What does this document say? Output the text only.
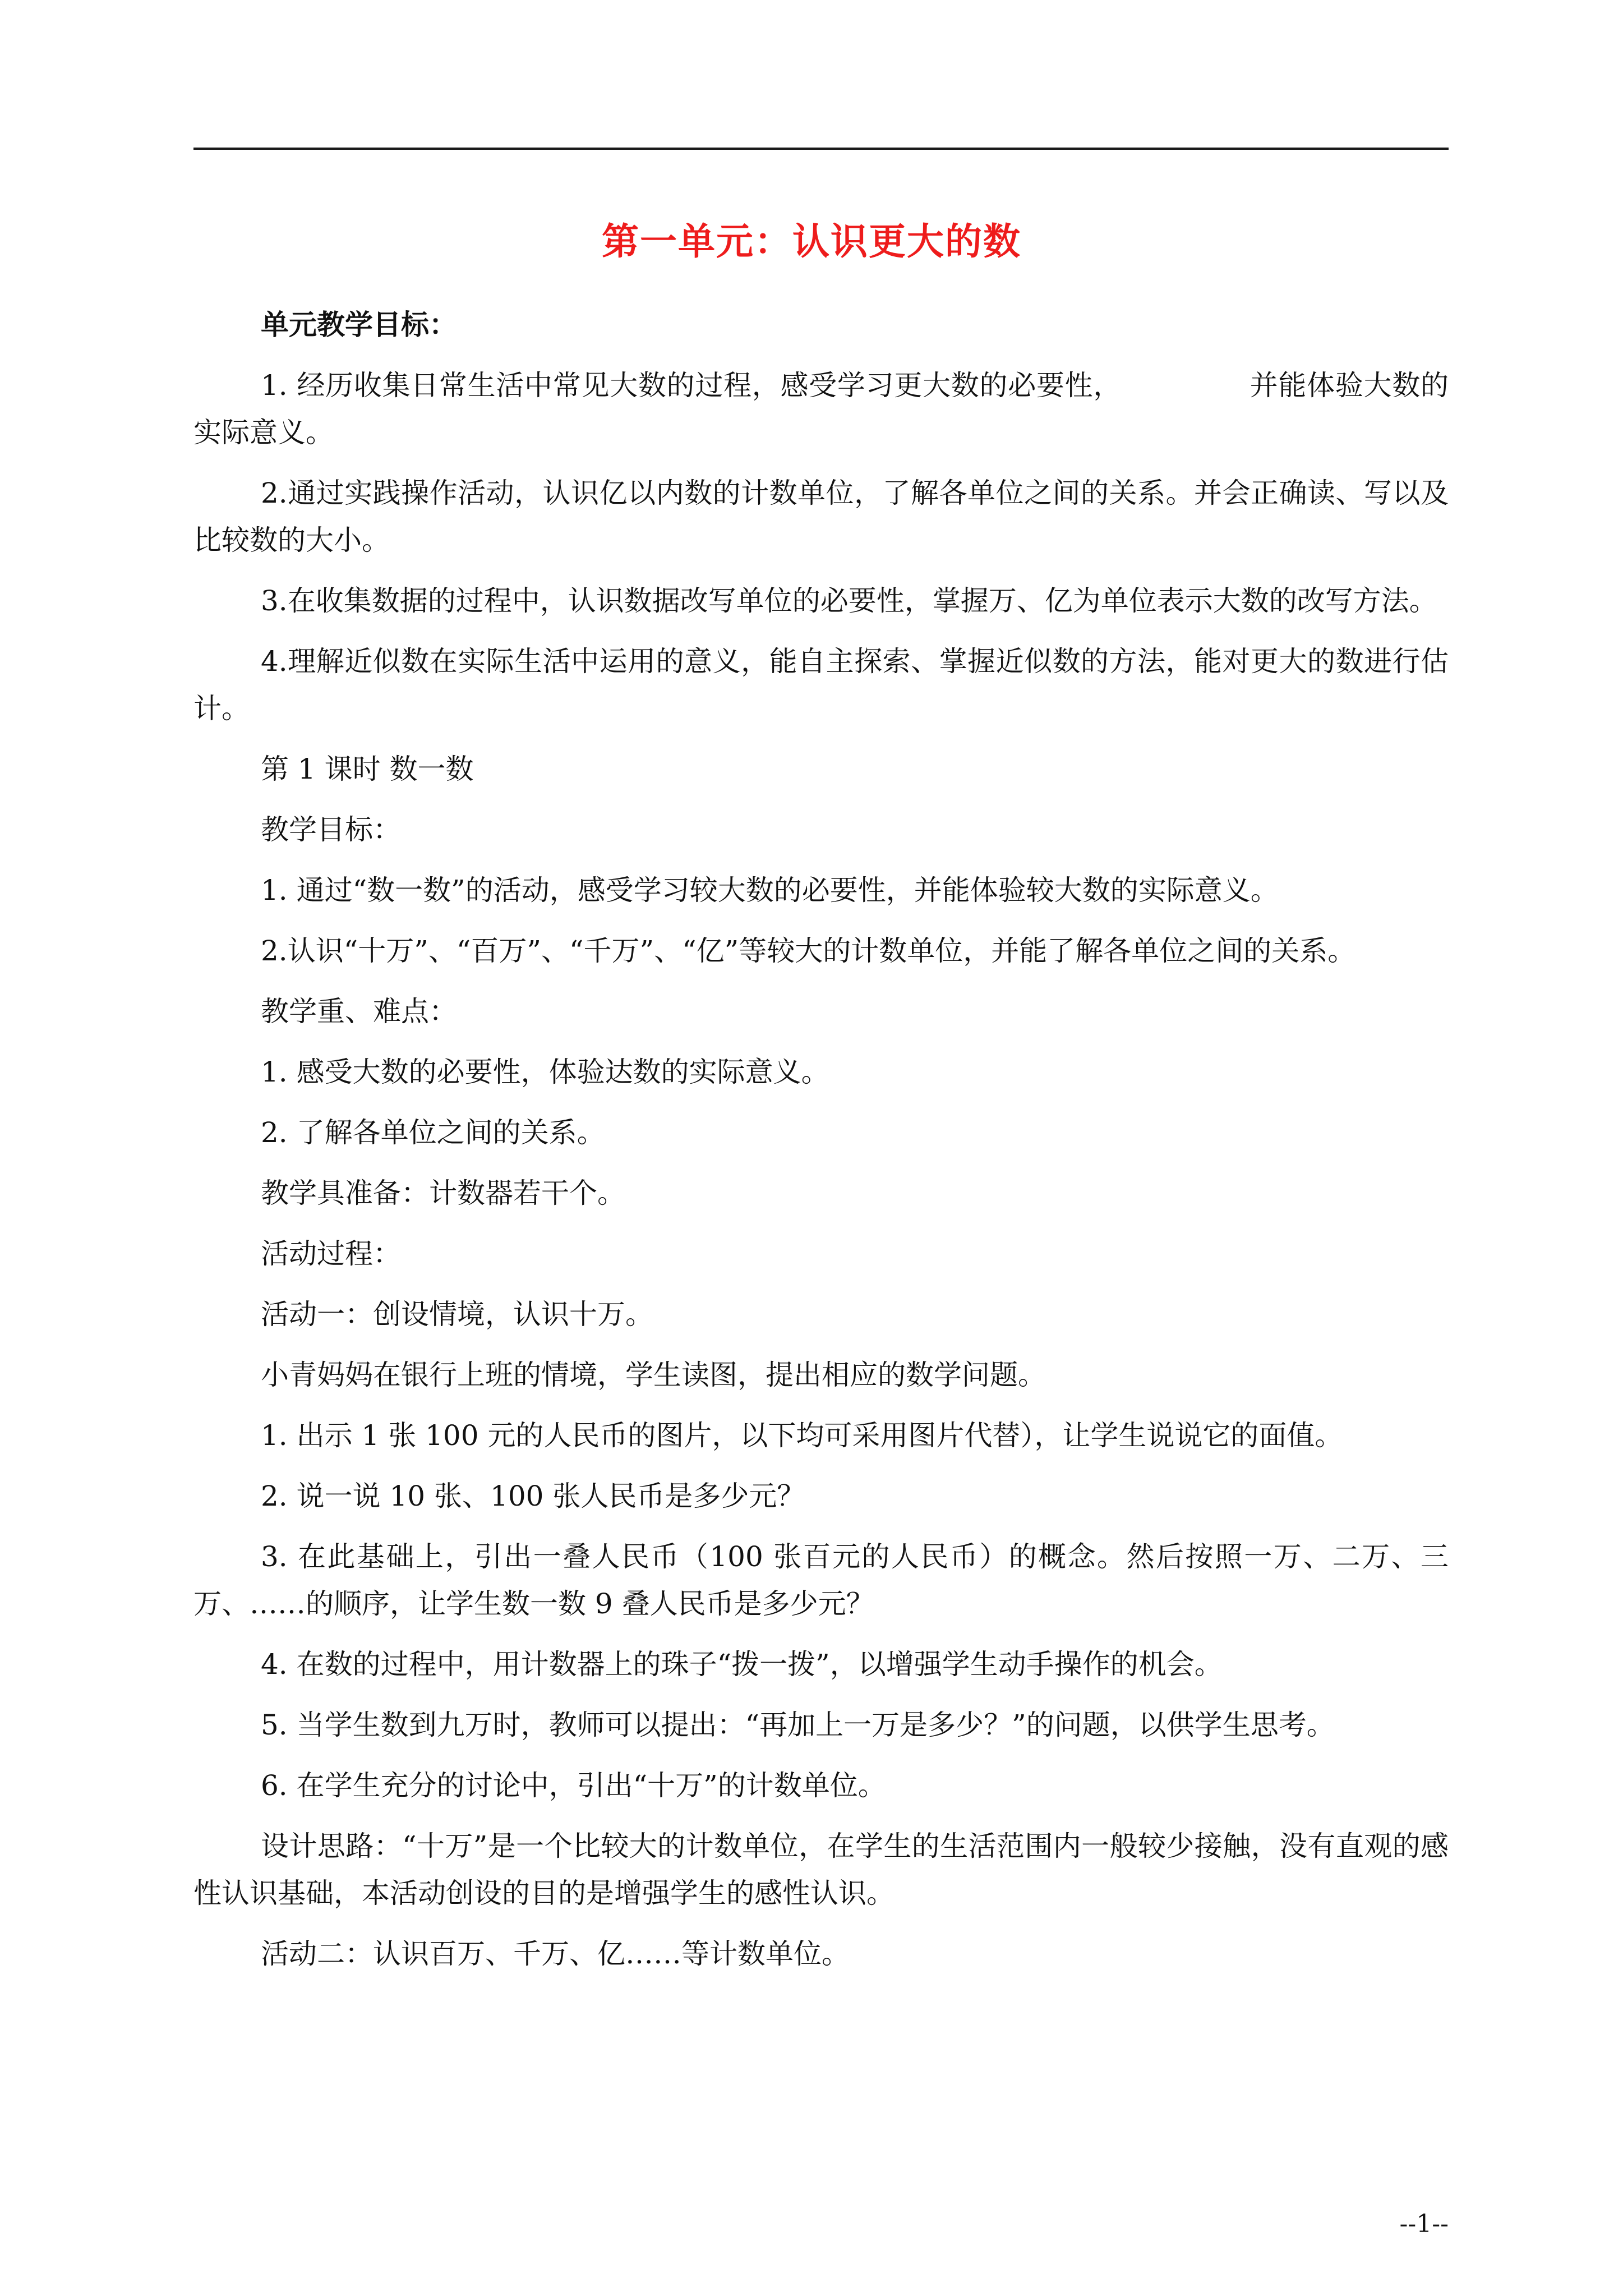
第一单元：认识更大的数

单元教学目标：

1. 经历收集日常生活中常见大数的过程，感受学习更大数的必要性，　　　　　并能体验大数的实际意义。

2.通过实践操作活动，认识亿以内数的计数单位，了解各单位之间的关系。并会正确读、写以及比较数的大小。

3.在收集数据的过程中，认识数据改写单位的必要性，掌握万、亿为单位表示大数的改写方法。

4.理解近似数在实际生活中运用的意义，能自主探索、掌握近似数的方法，能对更大的数进行估计。

第 1 课时 数一数

教学目标：

1. 通过“数一数”的活动，感受学习较大数的必要性，并能体验较大数的实际意义。

2.认识“十万”、“百万”、“千万”、“亿”等较大的计数单位，并能了解各单位之间的关系。

教学重、难点：

1. 感受大数的必要性，体验达数的实际意义。

2. 了解各单位之间的关系。

教学具准备：计数器若干个。

活动过程：

活动一：创设情境，认识十万。

小青妈妈在银行上班的情境，学生读图，提出相应的数学问题。

1. 出示 1 张 100 元的人民币的图片，以下均可采用图片代替），让学生说说它的面值。

2. 说一说 10 张、100 张人民币是多少元？

3. 在此基础上，引出一叠人民币（100 张百元的人民币）的概念。然后按照一万、二万、三万、……的顺序，让学生数一数 9 叠人民币是多少元？

4. 在数的过程中，用计数器上的珠子“拨一拨”，以增强学生动手操作的机会。

5. 当学生数到九万时，教师可以提出：“再加上一万是多少？”的问题，以供学生思考。

6. 在学生充分的讨论中，引出“十万”的计数单位。

设计思路：“十万”是一个比较大的计数单位，在学生的生活范围内一般较少接触，没有直观的感性认识基础，本活动创设的目的是增强学生的感性认识。

活动二：认识百万、千万、亿……等计数单位。

--1--
